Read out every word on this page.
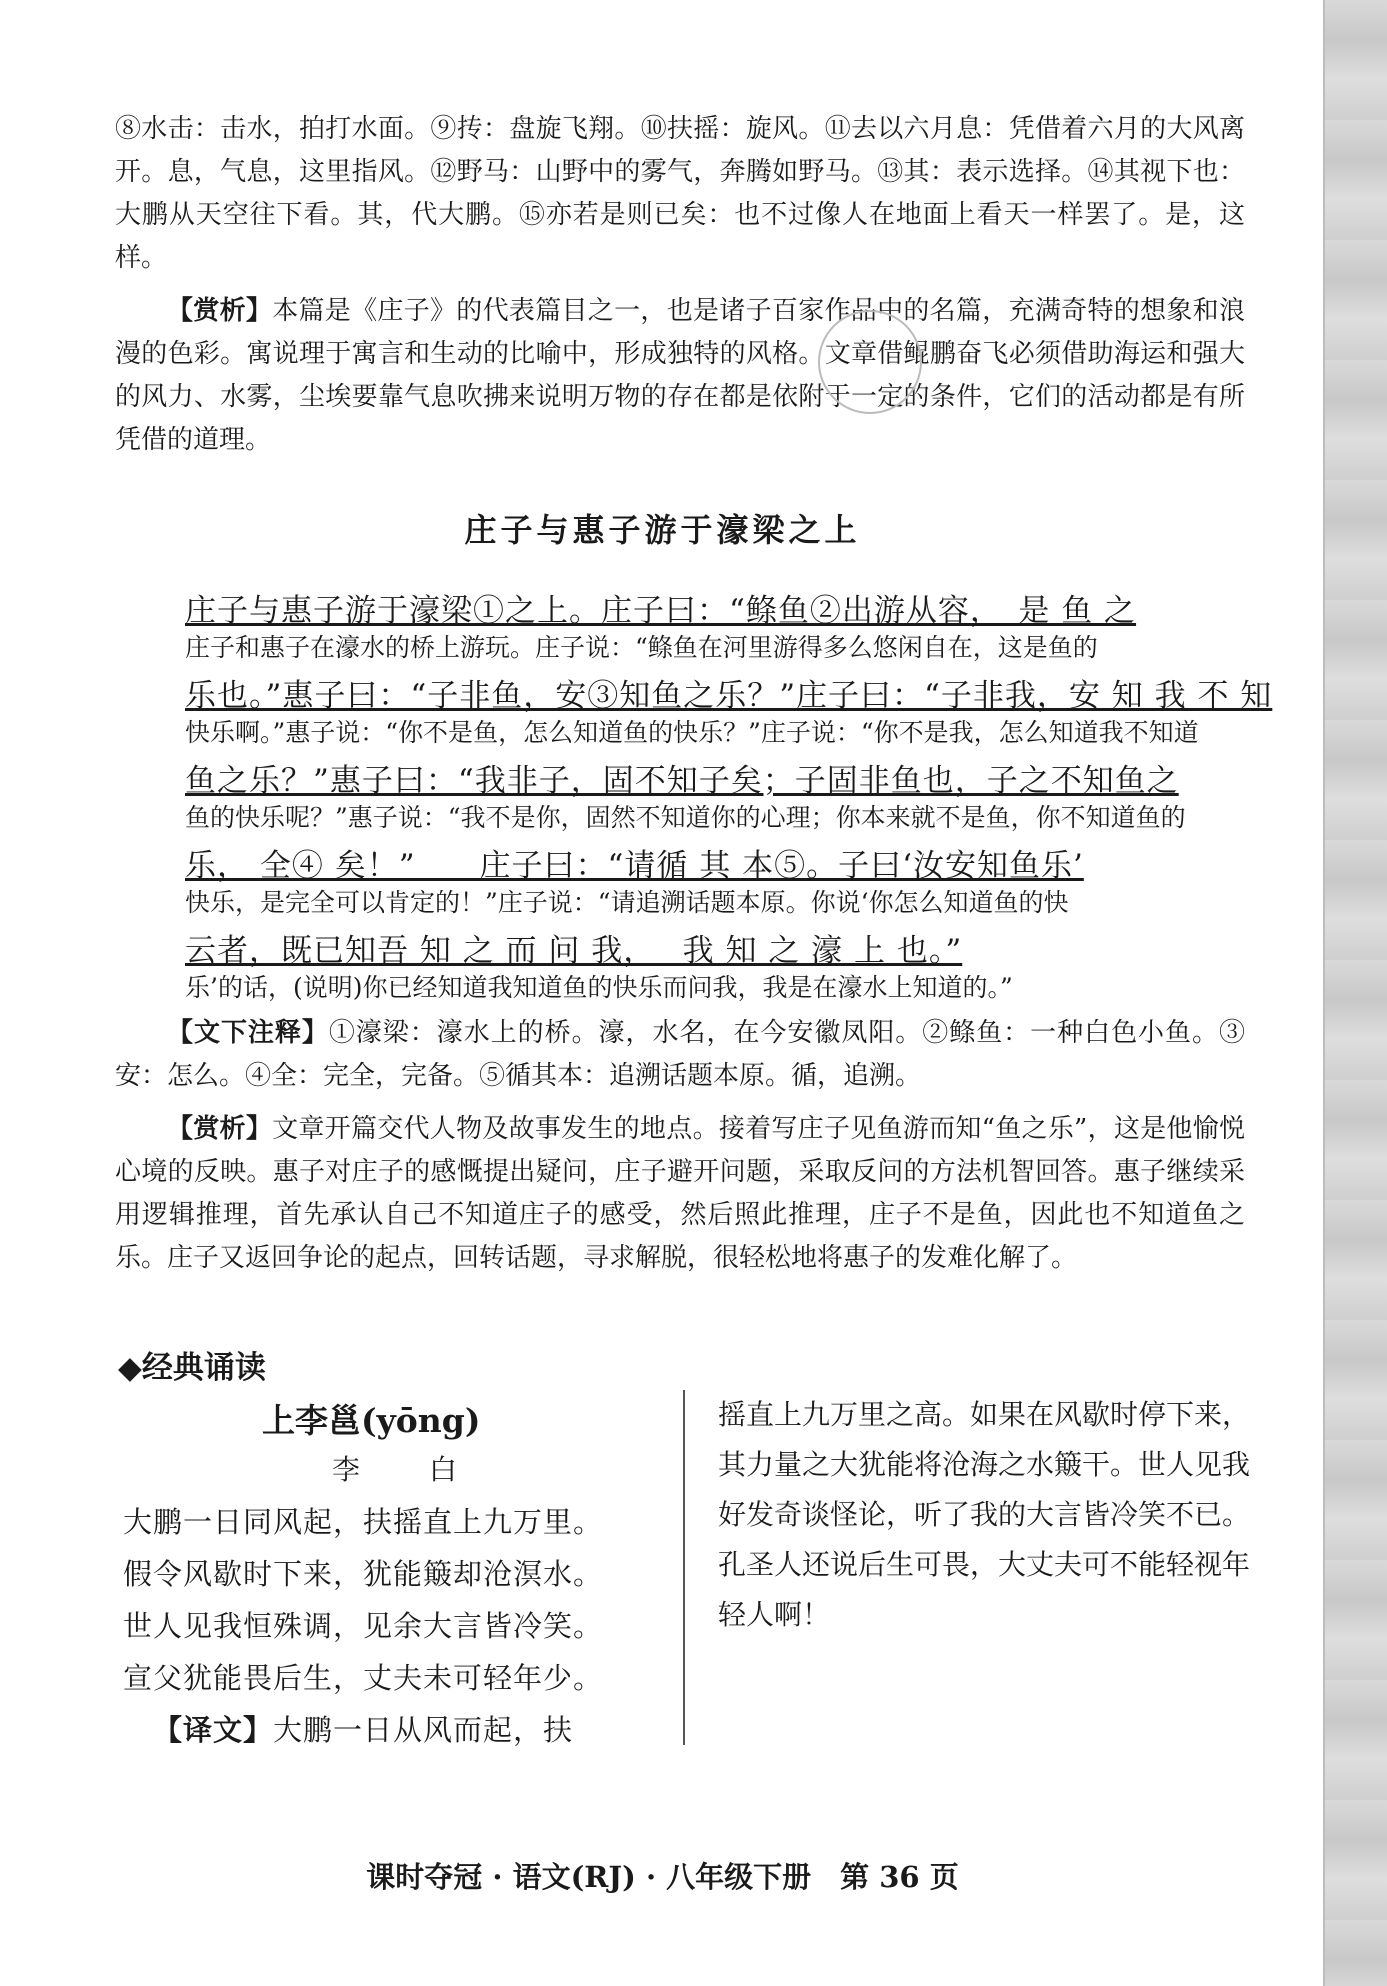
⑧水击：击水，拍打水面。⑨抟：盘旋飞翔。⑩扶摇：旋风。⑪去以六月息：凭借着六月的大风离开。息，气息，这里指风。⑫野马：山野中的雾气，奔腾如野马。⑬其：表示选择。⑭其视下也：大鹏从天空往下看。其，代大鹏。⑮亦若是则已矣：也不过像人在地面上看天一样罢了。是，这样。
【赏析】本篇是《庄子》的代表篇目之一，也是诸子百家作品中的名篇，充满奇特的想象和浪漫的色彩。寓说理于寓言和生动的比喻中，形成独特的风格。文章借鲲鹏奋飞必须借助海运和强大的风力、水雾，尘埃要靠气息吹拂来说明万物的存在都是依附于一定的条件，它们的活动都是有所凭借的道理。
庄子与惠子游于濠梁之上
庄子与惠子游于濠梁①之上。庄子曰：“鲦鱼②出游从容，　是 鱼 之
庄子和惠子在濠水的桥上游玩。庄子说：“鲦鱼在河里游得多么悠闲自在，这是鱼的
乐也。”惠子曰：“子非鱼，安③知鱼之乐？”庄子曰：“子非我，安 知 我 不 知
快乐啊。”惠子说：“你不是鱼，怎么知道鱼的快乐？”庄子说：“你不是我，怎么知道我不知道
鱼之乐？”惠子曰：“我非子，固不知子矣；子固非鱼也，子之不知鱼之
鱼的快乐呢？”惠子说：“我不是你，固然不知道你的心理；你本来就不是鱼，你不知道鱼的
乐， 全④ 矣！”　　庄子曰：“请循 其 本⑤。子曰‘汝安知鱼乐’
快乐，是完全可以肯定的！”庄子说：“请追溯话题本原。你说‘你怎么知道鱼的快
云者，既已知吾 知 之 而 问 我，　 我 知 之 濠 上 也。”
乐’的话，(说明)你已经知道我知道鱼的快乐而问我，我是在濠水上知道的。”
【文下注释】①濠梁：濠水上的桥。濠，水名，在今安徽凤阳。②鲦鱼：一种白色小鱼。③安：怎么。④全：完全，完备。⑤循其本：追溯话题本原。循，追溯。
【赏析】文章开篇交代人物及故事发生的地点。接着写庄子见鱼游而知“鱼之乐”，这是他愉悦心境的反映。惠子对庄子的感慨提出疑问，庄子避开问题，采取反问的方法机智回答。惠子继续采用逻辑推理，首先承认自己不知道庄子的感受，然后照此推理，庄子不是鱼，因此也不知道鱼之乐。庄子又返回争论的起点，回转话题，寻求解脱，很轻松地将惠子的发难化解了。
◆经典诵读
上李邕(yōng)
李 白
大鹏一日同风起，扶摇直上九万里。
假令风歇时下来，犹能簸却沧溟水。
世人见我恒殊调，见余大言皆冷笑。
宣父犹能畏后生，丈夫未可轻年少。
【译文】大鹏一日从风而起，扶
摇直上九万里之高。如果在风歇时停下来，其力量之大犹能将沧海之水簸干。世人见我好发奇谈怪论，听了我的大言皆冷笑不已。孔圣人还说后生可畏，大丈夫可不能轻视年轻人啊！
课时夺冠 · 语文(RJ) · 八年级下册　第 36 页
